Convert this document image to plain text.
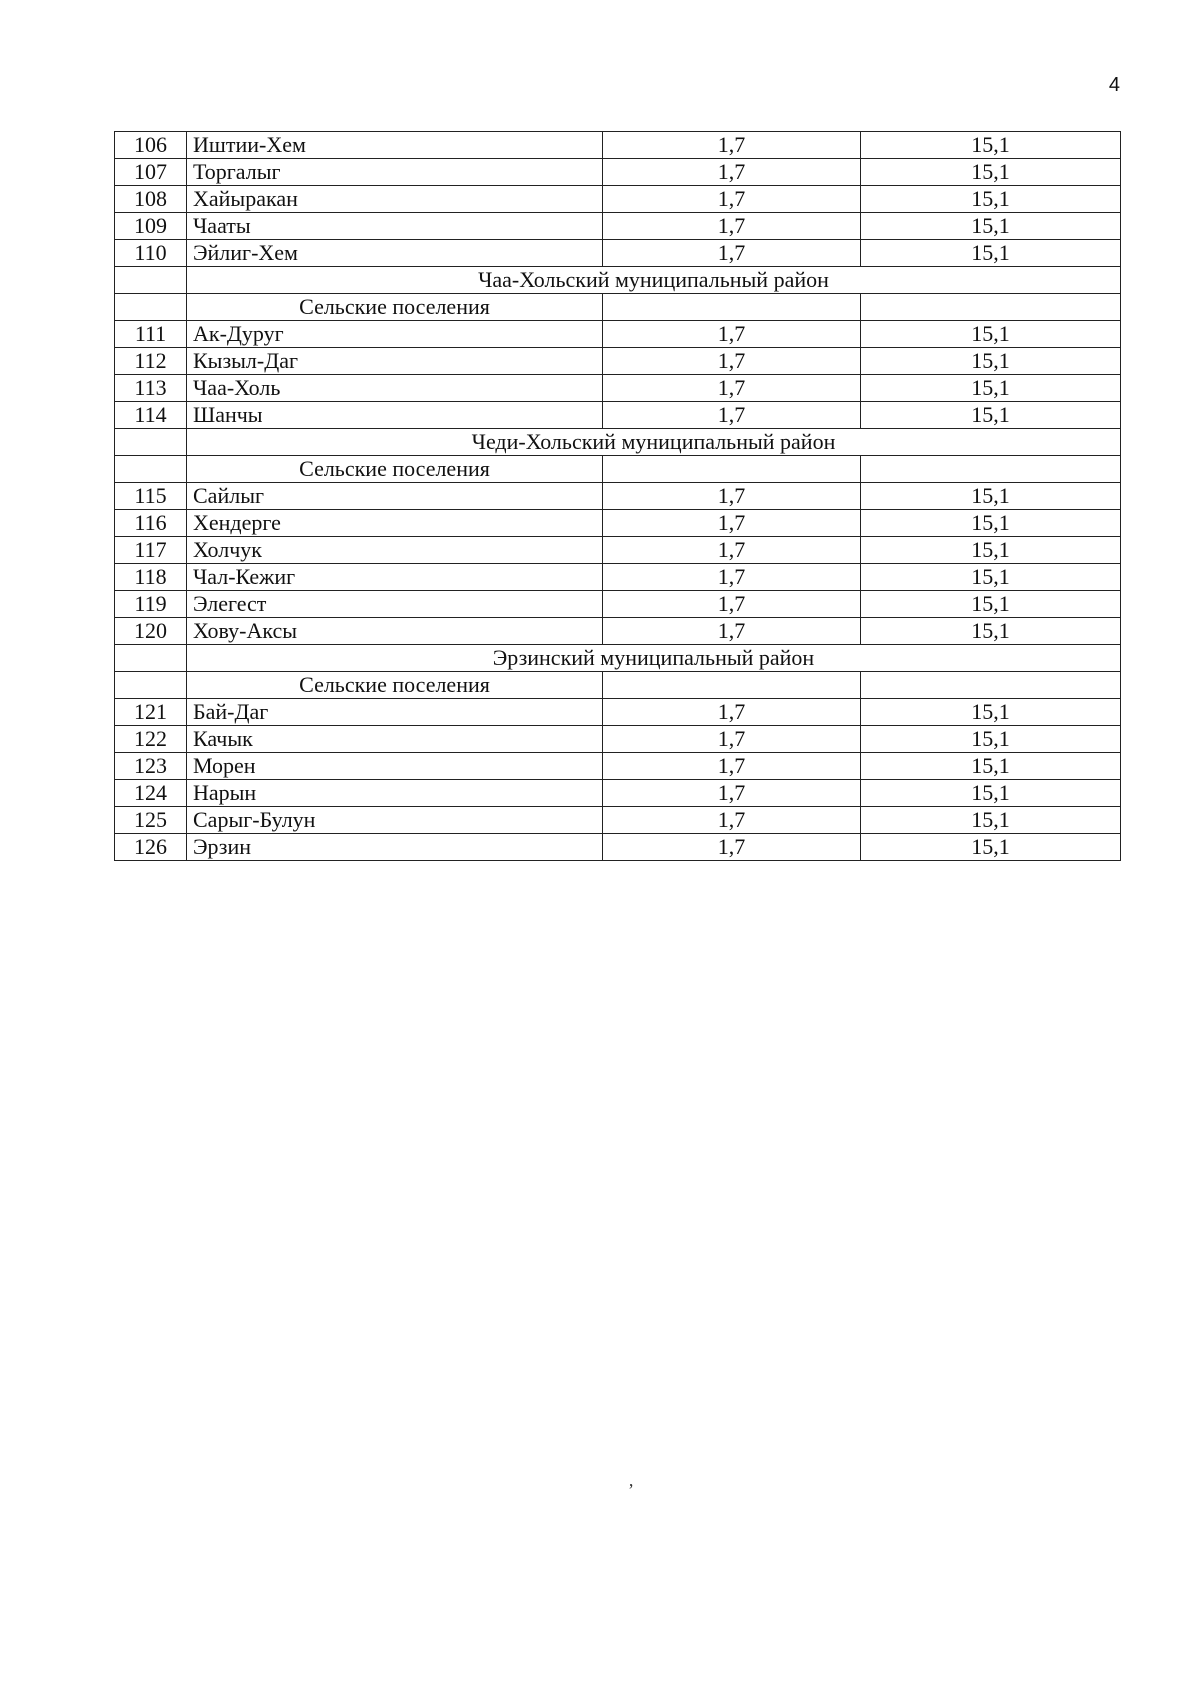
4
106	Иштии-Хем	1,7	15,1
107	Торгалыг	1,7	15,1
108	Хайыракан	1,7	15,1
109	Чааты	1,7	15,1
110	Эйлиг-Хем	1,7	15,1
	Чаа-Хольский муниципальный район		
	Сельские поселения		
111	Ак-Дуруг	1,7	15,1
112	Кызыл-Даг	1,7	15,1
113	Чаа-Холь	1,7	15,1
114	Шанчы	1,7	15,1
	Чеди-Хольский муниципальный район		
	Сельские поселения		
115	Сайлыг	1,7	15,1
116	Хендерге	1,7	15,1
117	Холчук	1,7	15,1
118	Чал-Кежиг	1,7	15,1
119	Элегест	1,7	15,1
120	Хову-Аксы	1,7	15,1
	Эрзинский муниципальный район		
	Сельские поселения		
121	Бай-Даг	1,7	15,1
122	Качык	1,7	15,1
123	Морен	1,7	15,1
124	Нарын	1,7	15,1
125	Сарыг-Булун	1,7	15,1
126	Эрзин	1,7	15,1
’
